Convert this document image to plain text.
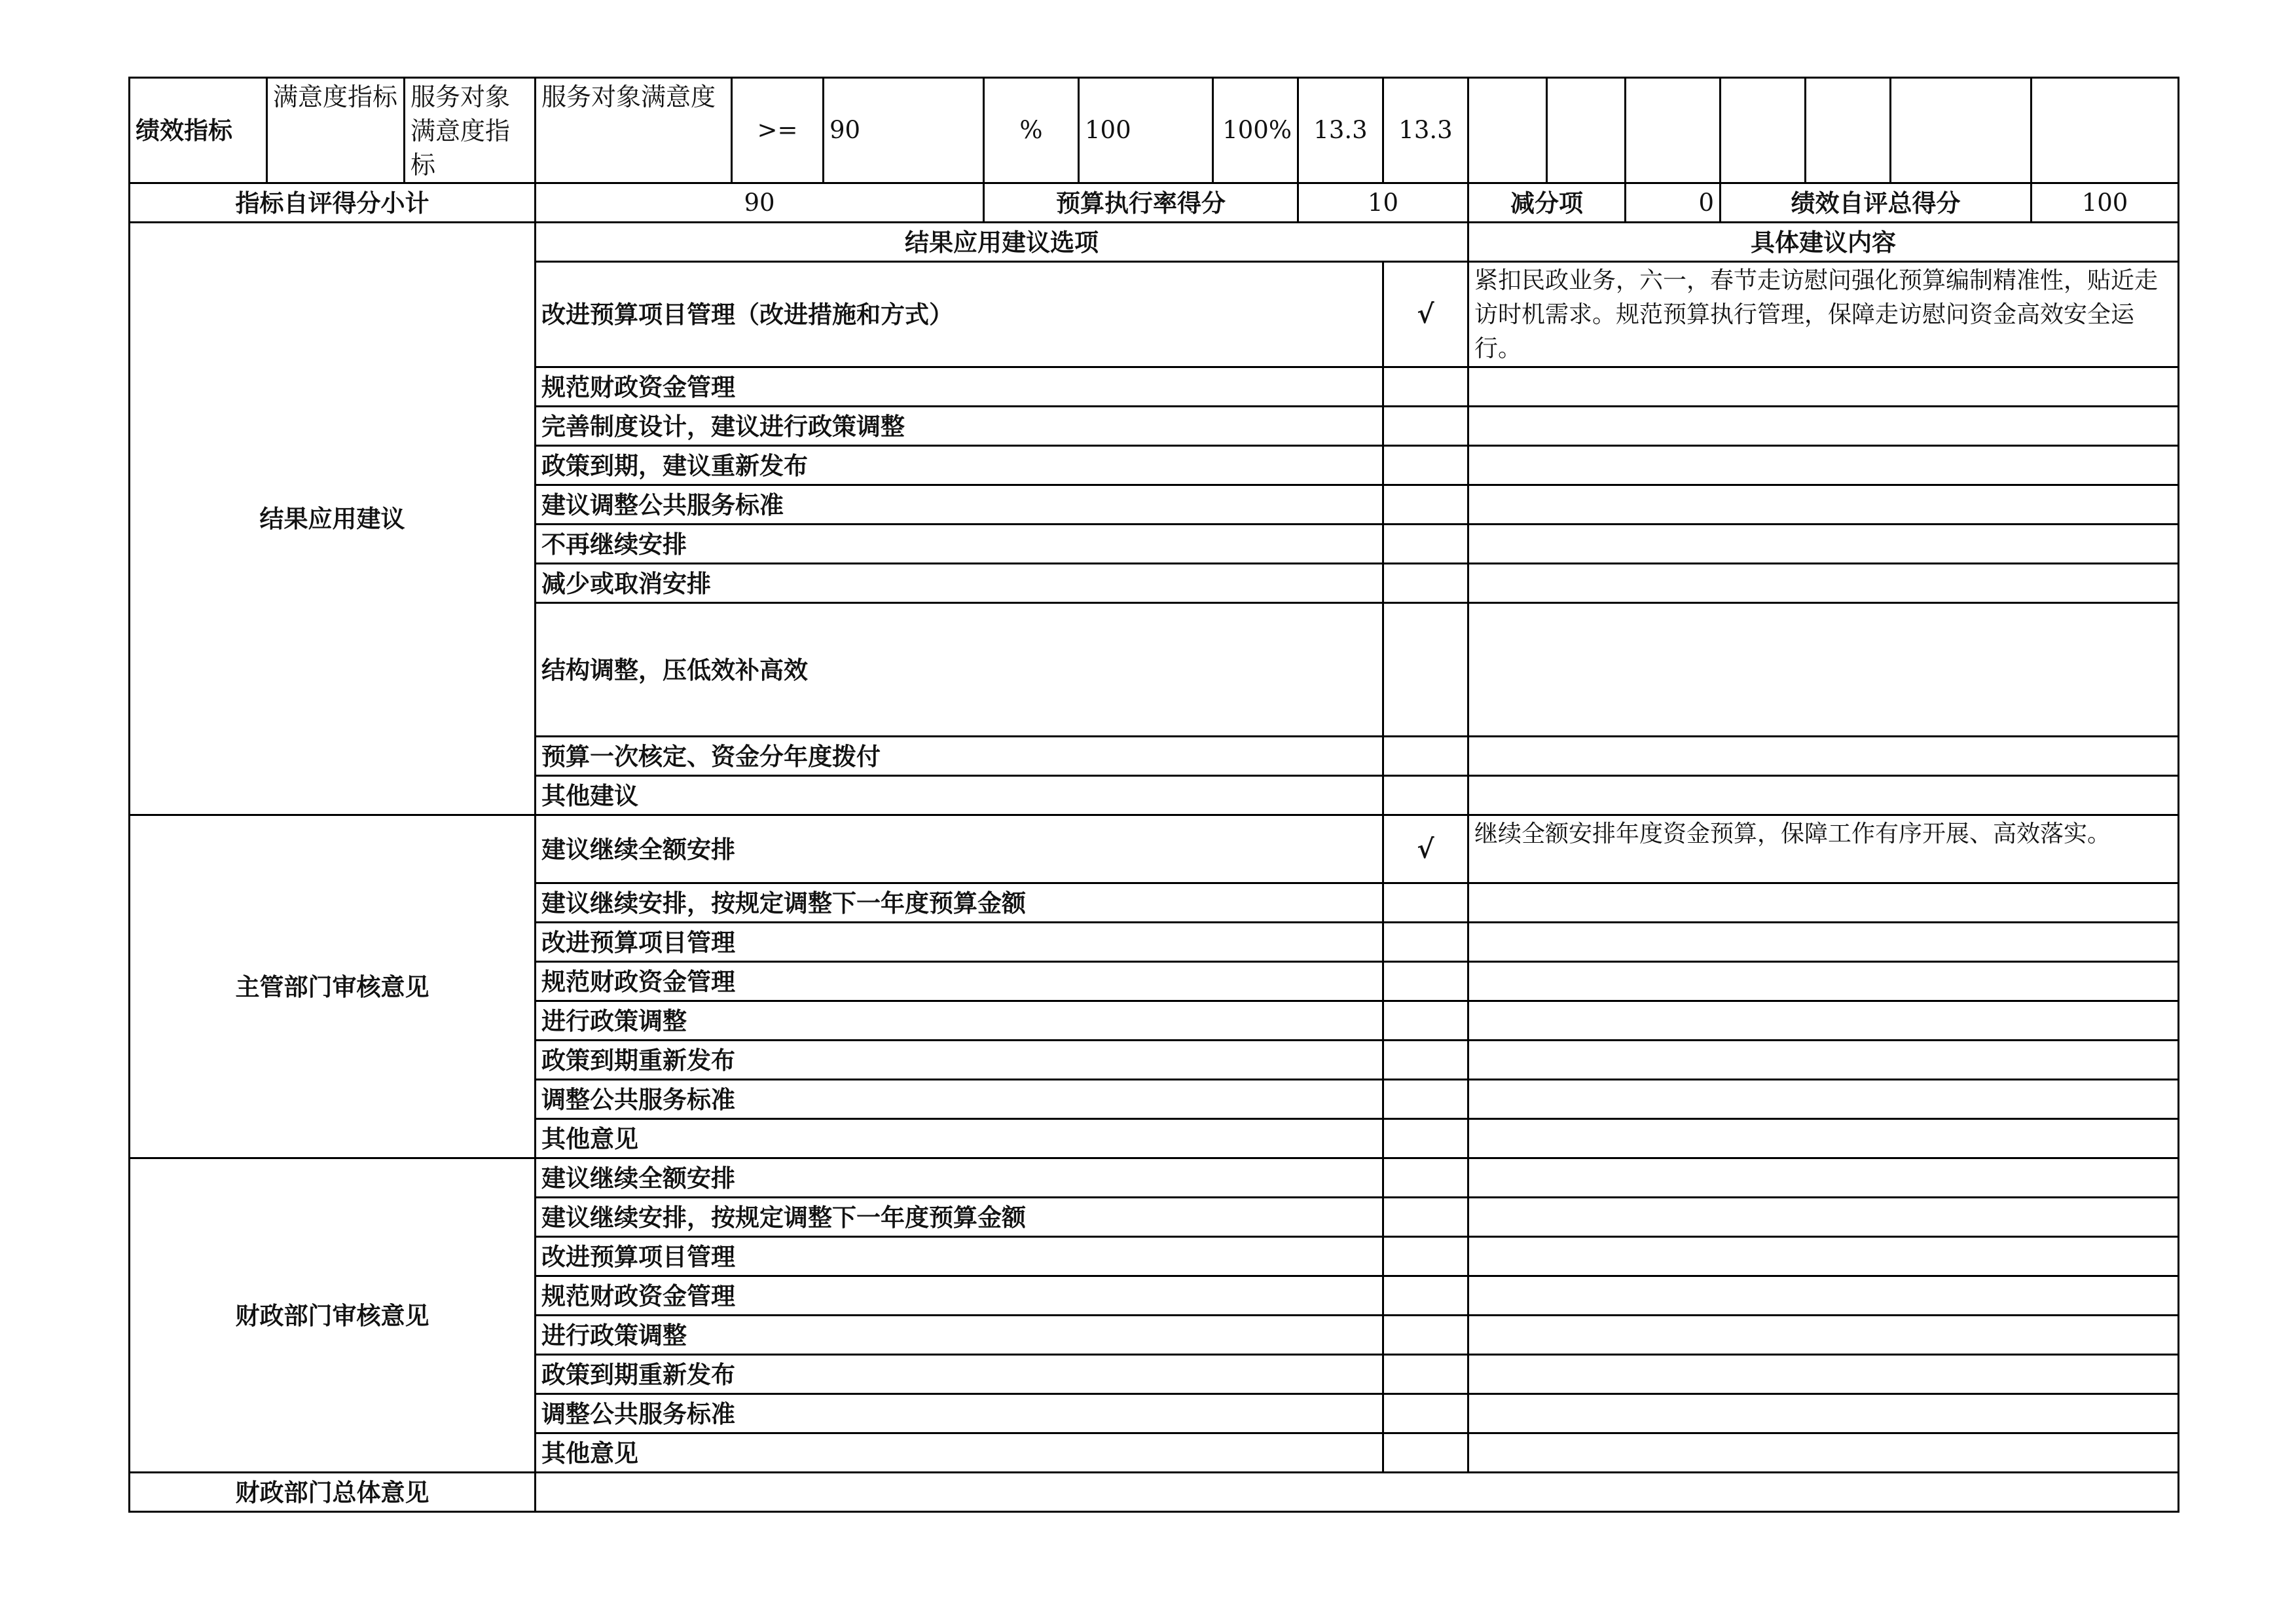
绩效指标	满意度指标	服务对象满意度指标	服务对象满意度	>=	90	%	100	100%	13.3	13.3							
指标自评得分小计			90			预算执行率得分			10		减分项		0	绩效自评总得分			100
结果应用建议			结果应用建议选项								具体建议内容						
			改进预算项目管理（改进措施和方式）							√	紧扣民政业务，六一，春节走访慰问强化预算编制精准性，贴近走访时机需求。规范预算执行管理，保障走访慰问资金高效安全运行。						
			规范财政资金管理														
			完善制度设计，建议进行政策调整														
			政策到期，建议重新发布														
			建议调整公共服务标准														
			不再继续安排														
			减少或取消安排														
			结构调整，压低效补高效														
			预算一次核定、资金分年度拨付														
			其他建议														
主管部门审核意见			建议继续全额安排							√	继续全额安排年度资金预算，保障工作有序开展、高效落实。						
			建议继续安排，按规定调整下一年度预算金额														
			改进预算项目管理														
			规范财政资金管理														
			进行政策调整														
			政策到期重新发布														
			调整公共服务标准														
			其他意见														
财政部门审核意见			建议继续全额安排														
			建议继续安排，按规定调整下一年度预算金额														
			改进预算项目管理														
			规范财政资金管理														
			进行政策调整														
			政策到期重新发布														
			调整公共服务标准														
			其他意见														
财政部门总体意见																	
